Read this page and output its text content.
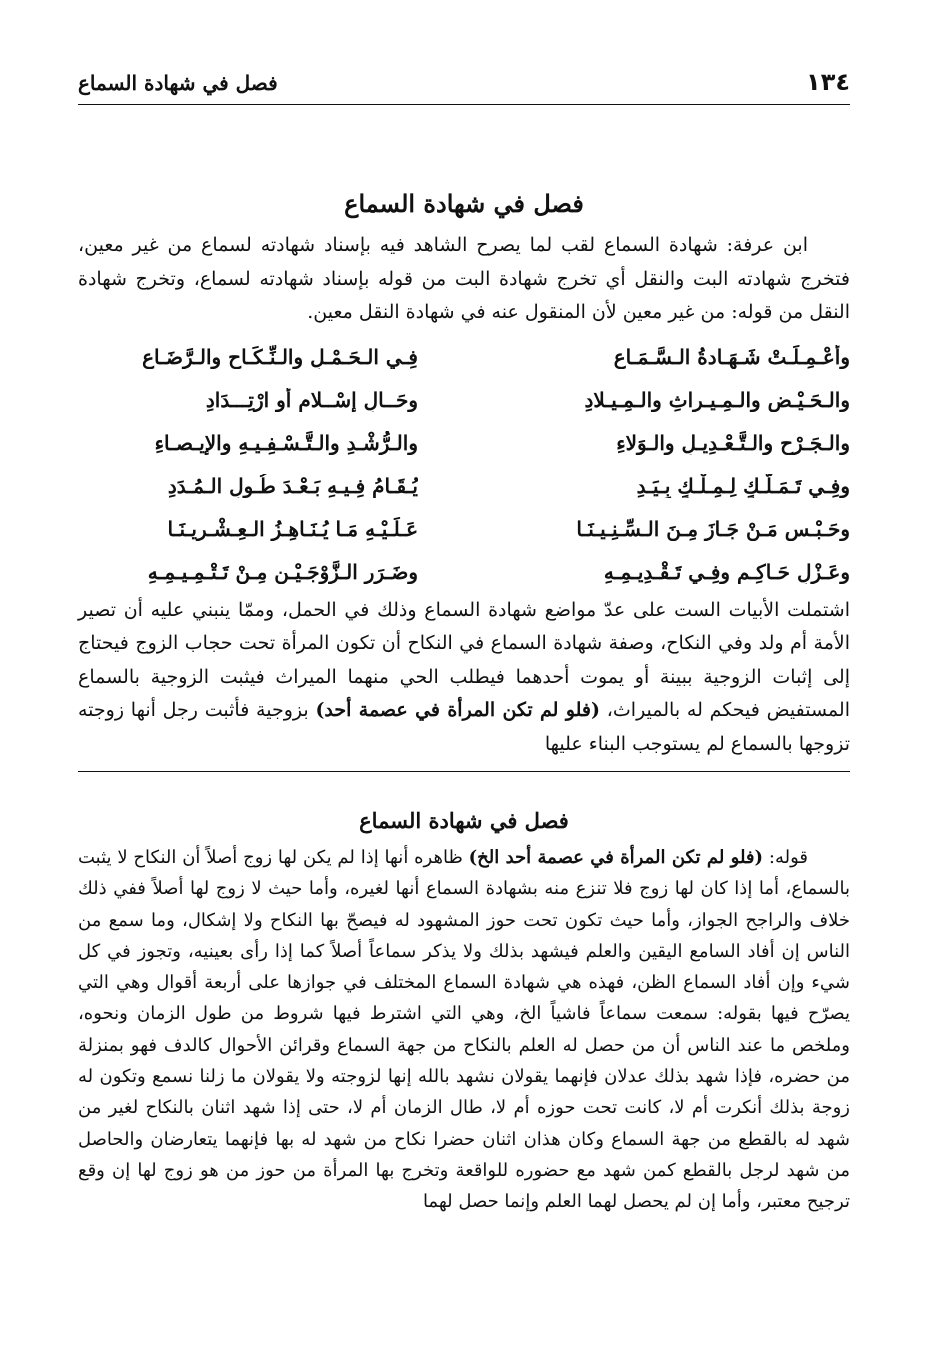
١٣٤
فصل في شهادة السماع
فصل في شهادة السماع

ابن عرفة: شهادة السماع لقب لما يصرح الشاهد فيه بإسناد شهادته لسماع من غير معين، فتخرج شهادته البت والنقل أي تخرج شهادة البت من قوله بإسناد شهادته لسماع، وتخرج شهادة النقل من قوله: من غير معين لأن المنقول عنه في شهادة النقل معين.

وأُعْـمِـلَـتْ شَـهَـادةُ الـسَّـمَـاعِ
فِـي الـحَـمْـلِ والـنِّـكَـاحِ والـرَّضَـاعِ
والـحَـيْـضِ والـمِـيـراثِ والـمِـيـلادِ
وحَــالِ إسْــلامٍ أوِ ارْتِـــدَادِ
والـجَـرْحِ والـتَّـعْـدِيـلِ والـوَلاءِ
والـرُّشْـدِ والـتَّـسْـفِـيـهِ والإيـصـاءِ
وفِـي تَـمَـلُّـكٍ لِـمِـلْـكٍ بِـيَـدِ
يُـقَـامُ فِـيـهِ بَـعْـدَ طُـولِ الـمُـدَدِ
وحَـبْـسِ مَـنْ جَـازَ مِـنَ الـسِّـنِـيـنَـا
عَـلَـيْـهِ مَـا يُـنَـاهِـزُ الـعِـشْـرِيـنَـا
وعَـزْلِ حَـاكِـمٍ وفِـي تَـقْـدِيـمِـهِ
وضَـرَرِ الـزَّوْجَـيْـنِ مِـنْ تَـتْـمِـيـمِـهِ

اشتملت الأبيات الست على عدّ مواضع شهادة السماع وذلك في الحمل، وممّا ينبني عليه أن تصير الأمة أم ولد وفي النكاح، وصفة شهادة السماع في النكاح أن تكون المرأة تحت حجاب الزوج فيحتاج إلى إثبات الزوجية ببينة أو يموت أحدهما فيطلب الحي منهما الميراث فيثبت الزوجية بالسماع المستفيض فيحكم له بالميراث، (فلو لم تكن المرأة في عصمة أحد) بزوجية فأثبت رجل أنها زوجته تزوجها بالسماع لم يستوجب البناء عليها

فصل في شهادة السماع

قوله: (فلو لم تكن المرأة في عصمة أحد الخ) ظاهره أنها إذا لم يكن لها زوج أصلاً أن النكاح لا يثبت بالسماع، أما إذا كان لها زوج فلا تنزع منه بشهادة السماع أنها لغيره، وأما حيث لا زوج لها أصلاً ففي ذلك خلاف والراجح الجواز، وأما حيث تكون تحت حوز المشهود له فيصحّ بها النكاح ولا إشكال، وما سمع من الناس إن أفاد السامع اليقين والعلم فيشهد بذلك ولا يذكر سماعاً أصلاً كما إذا رأى بعينيه، وتجوز في كل شيء وإن أفاد السماع الظن، فهذه هي شهادة السماع المختلف في جوازها على أربعة أقوال وهي التي يصرّح فيها بقوله: سمعت سماعاً فاشياً الخ، وهي التي اشترط فيها شروط من طول الزمان ونحوه، وملخص ما عند الناس أن من حصل له العلم بالنكاح من جهة السماع وقرائن الأحوال كالدف فهو بمنزلة من حضره، فإذا شهد بذلك عدلان فإنهما يقولان نشهد بالله إنها لزوجته ولا يقولان ما زلنا نسمع وتكون له زوجة بذلك أنكرت أم لا، كانت تحت حوزه أم لا، طال الزمان أم لا، حتى إذا شهد اثنان بالنكاح لغير من شهد له بالقطع من جهة السماع وكان هذان اثنان حضرا نكاح من شهد له بها فإنهما يتعارضان والحاصل من شهد لرجل بالقطع كمن شهد مع حضوره للواقعة وتخرج بها المرأة من حوز من هو زوج لها إن وقع ترجيح معتبر، وأما إن لم يحصل لهما العلم وإنما حصل لهما
